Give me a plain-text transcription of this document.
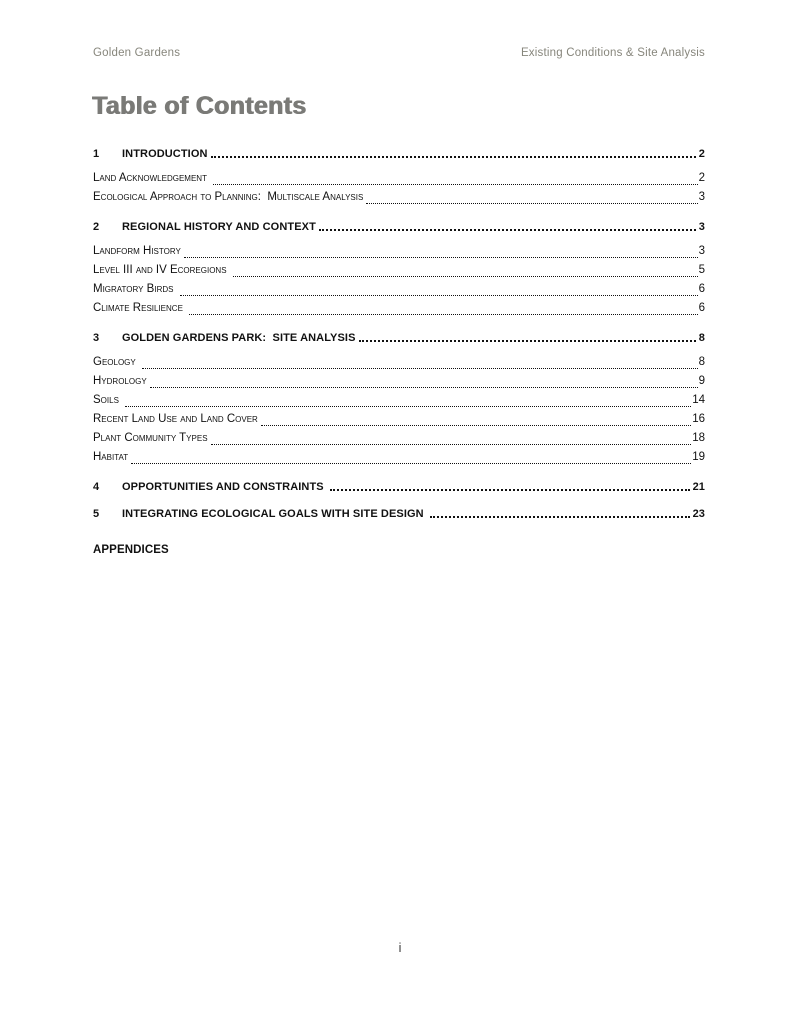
Golden Gardens	Existing Conditions & Site Analysis
Table of Contents
1	INTRODUCTION	2
Land Acknowledgement	2
Ecological Approach to Planning:  Multiscale Analysis	3
2	REGIONAL HISTORY AND CONTEXT	3
Landform History	3
Level III and IV Ecoregions	5
Migratory Birds	6
Climate Resilience	6
3	GOLDEN GARDENS PARK:  SITE ANALYSIS	8
Geology	8
Hydrology	9
Soils	14
Recent Land Use and Land Cover	16
Plant Community Types	18
Habitat	19
4	OPPORTUNITIES AND CONSTRAINTS	21
5	INTEGRATING ECOLOGICAL GOALS WITH SITE DESIGN	23
APPENDICES
i
